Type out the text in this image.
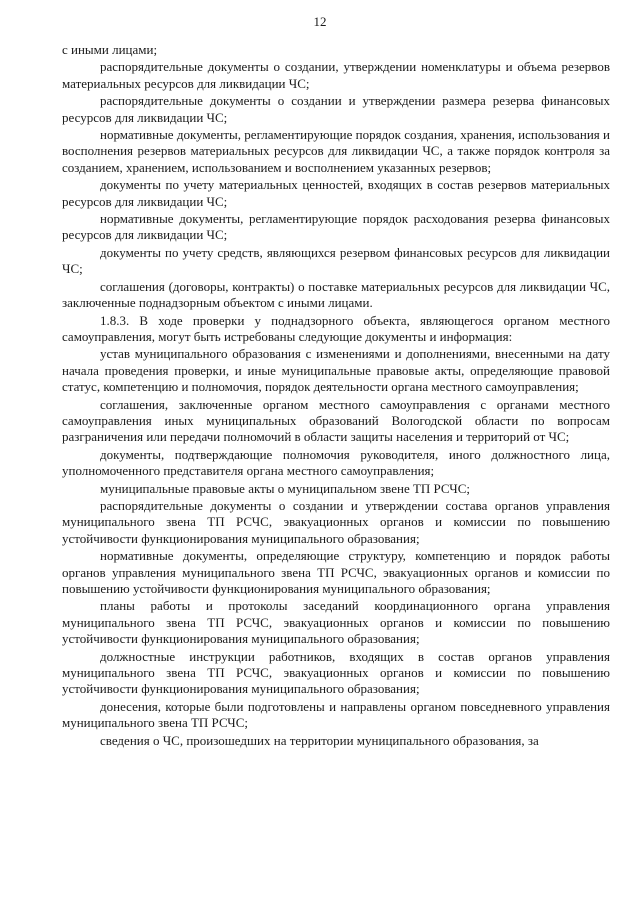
12

с иными лицами;

распорядительные документы о создании, утверждении номенклатуры и объема резервов материальных ресурсов для ликвидации ЧС;

распорядительные документы о создании и утверждении размера резерва финансовых ресурсов для ликвидации ЧС;

нормативные документы, регламентирующие порядок создания, хранения, использования и восполнения резервов материальных ресурсов для ликвидации ЧС, а также порядок контроля за созданием, хранением, использованием и восполнением указанных резервов;

документы по учету материальных ценностей, входящих в состав резервов материальных ресурсов для ликвидации ЧС;

нормативные документы, регламентирующие порядок расходования резерва финансовых ресурсов для ликвидации ЧС;

документы по учету средств, являющихся резервом финансовых ресурсов для ликвидации ЧС;

соглашения (договоры, контракты) о поставке материальных ресурсов для ликвидации ЧС, заключенные поднадзорным объектом с иными лицами.

1.8.3. В ходе проверки у поднадзорного объекта, являющегося органом местного самоуправления, могут быть истребованы следующие документы и информация:

устав муниципального образования с изменениями и дополнениями, внесенными на дату начала проведения проверки, и иные муниципальные правовые акты, определяющие правовой статус, компетенцию и полномочия, порядок деятельности органа местного самоуправления;

соглашения, заключенные органом местного самоуправления с органами местного самоуправления иных муниципальных образований Вологодской области по вопросам разграничения или передачи полномочий в области защиты населения и территорий от ЧС;

документы, подтверждающие полномочия руководителя, иного должностного лица, уполномоченного представителя органа местного самоуправления;

муниципальные правовые акты о муниципальном звене ТП РСЧС;

распорядительные документы о создании и утверждении состава органов управления муниципального звена ТП РСЧС, эвакуационных органов и комиссии по повышению устойчивости функционирования муниципального образования;

нормативные документы, определяющие структуру, компетенцию и порядок работы органов управления муниципального звена ТП РСЧС, эвакуационных органов и комиссии по повышению устойчивости функционирования муниципального образования;

планы работы и протоколы заседаний координационного органа управления муниципального звена ТП РСЧС, эвакуационных органов и комиссии по повышению устойчивости функционирования муниципального образования;

должностные инструкции работников, входящих в состав органов управления муниципального звена ТП РСЧС, эвакуационных органов и комиссии по повышению устойчивости функционирования муниципального образования;

донесения, которые были подготовлены и направлены органом повседневного управления муниципального звена ТП РСЧС;

сведения о ЧС, произошедших на территории муниципального образования, за
